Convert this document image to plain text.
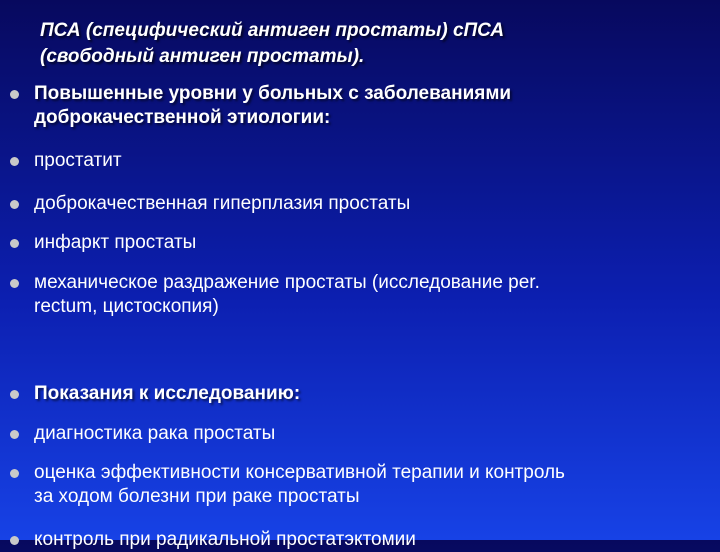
ПСА (специфический антиген простаты) сПСА
(свободный антиген простаты).
Повышенные уровни у больных с заболеваниями
доброкачественной этиологии:
простатит
доброкачественная гиперплазия простаты
инфаркт простаты
механическое раздражение простаты (исследование per.
rectum, цистоскопия)
Показания к исследованию:
диагностика рака простаты
оценка эффективности консервативной терапии и контроль
за ходом болезни при раке простаты
контроль при радикальной простатэктомии
